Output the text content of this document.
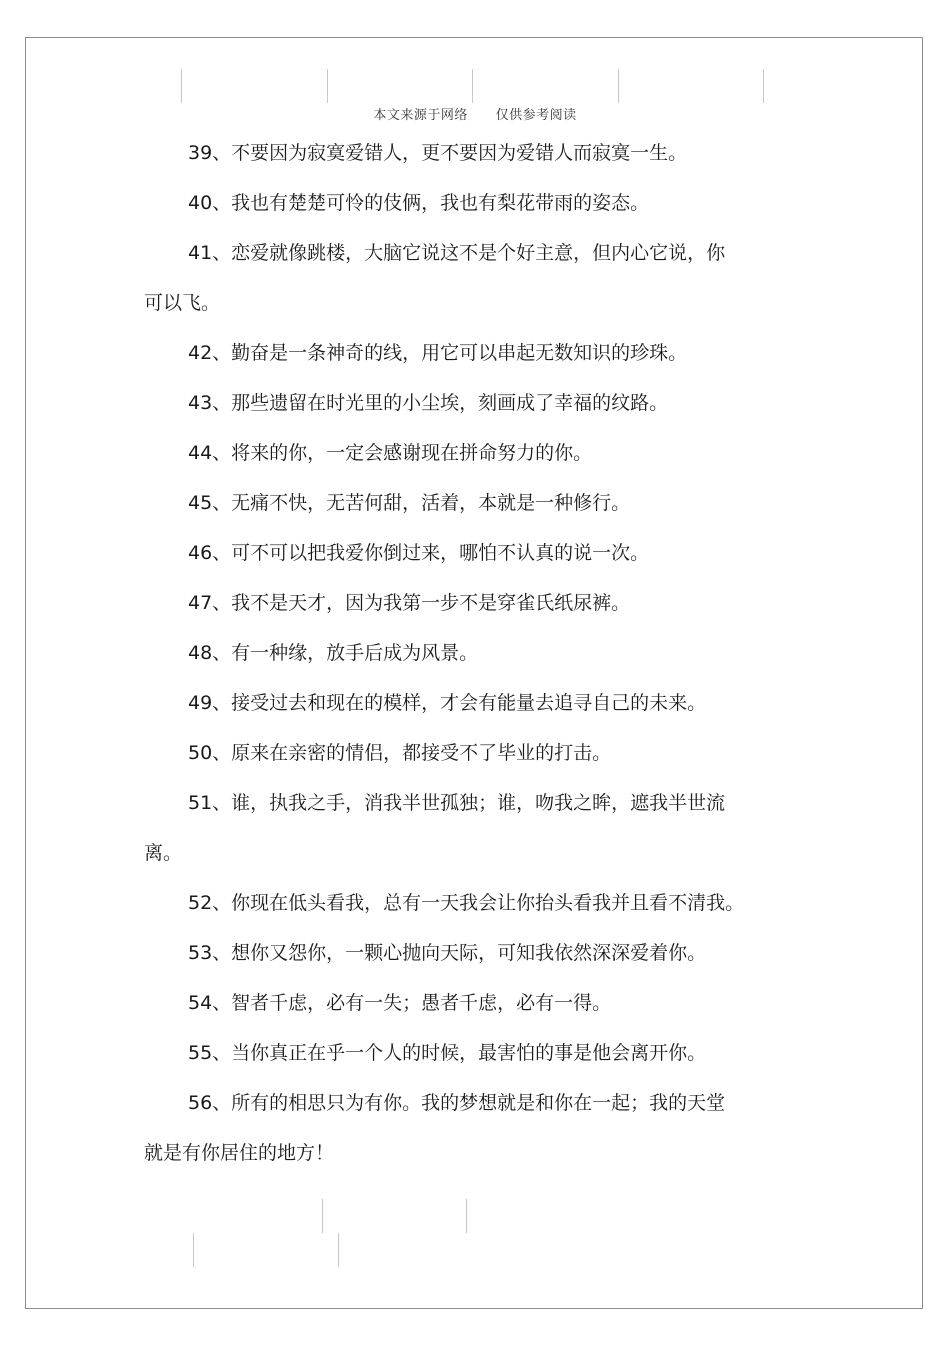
本文来源于网络      仅供参考阅读
39、不要因为寂寞爱错人，更不要因为爱错人而寂寞一生。
40、我也有楚楚可怜的伎俩，我也有梨花带雨的姿态。
41、恋爱就像跳楼，大脑它说这不是个好主意，但内心它说，你
可以飞。
42、勤奋是一条神奇的线，用它可以串起无数知识的珍珠。
43、那些遗留在时光里的小尘埃，刻画成了幸福的纹路。
44、将来的你，一定会感谢现在拼命努力的你。
45、无痛不快，无苦何甜，活着，本就是一种修行。
46、可不可以把我爱你倒过来，哪怕不认真的说一次。
47、我不是天才，因为我第一步不是穿雀氏纸尿裤。
48、有一种缘，放手后成为风景。
49、接受过去和现在的模样，才会有能量去追寻自己的未来。
50、原来在亲密的情侣，都接受不了毕业的打击。
51、谁，执我之手，消我半世孤独；谁，吻我之眸，遮我半世流
离。
52、你现在低头看我，总有一天我会让你抬头看我并且看不清我。
53、想你又怨你，一颗心抛向天际，可知我依然深深爱着你。
54、智者千虑，必有一失；愚者千虑，必有一得。
55、当你真正在乎一个人的时候，最害怕的事是他会离开你。
56、所有的相思只为有你。我的梦想就是和你在一起；我的天堂
就是有你居住的地方！
